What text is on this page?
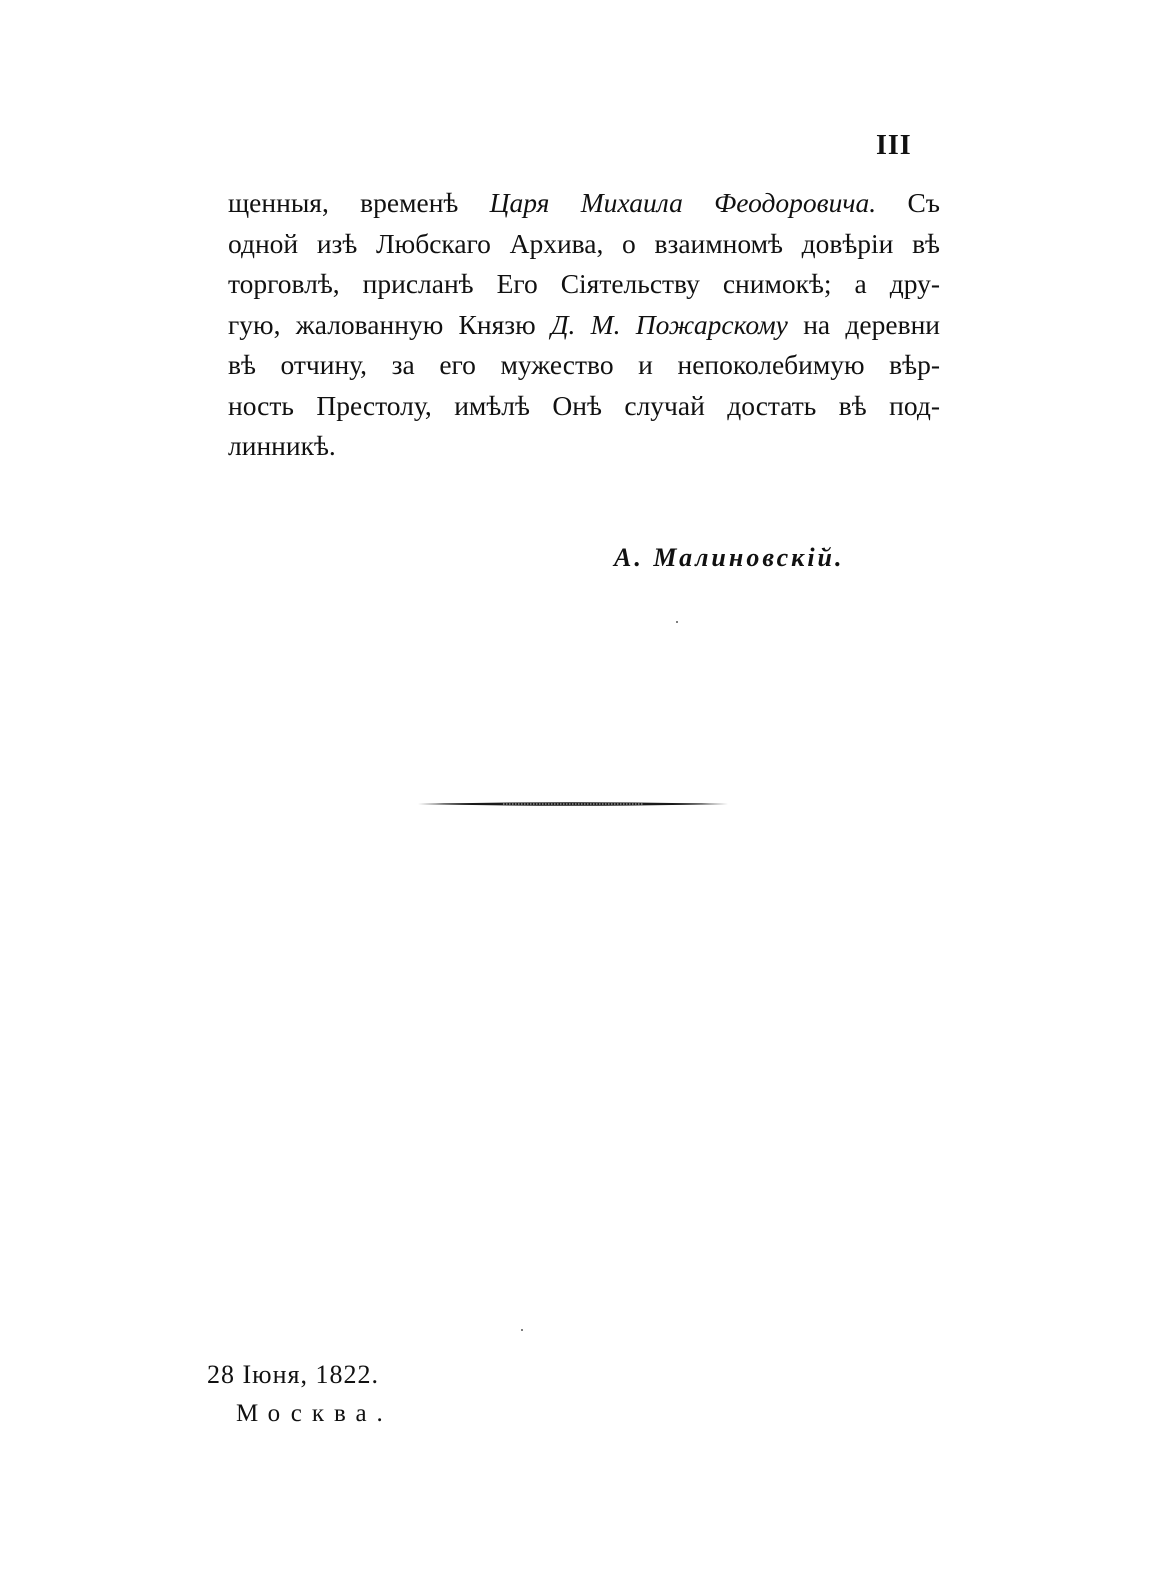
III
щенныя, временѣ Царя Михаила Феодоровича. Съ
одной изѣ Любскаго Архива, о взаимномѣ довѣріи вѣ
торговлѣ, присланѣ Его Сіятельству снимокѣ; а дру-
гую, жалованную Князю Д. М. Пожарскому на деревни
вѣ отчину, за его мужество и непоколебимую вѣр-
ность Престолу, имѣлѣ Онѣ случай достать вѣ под-
линникѣ.
А. Малиновскій.
28 Іюня, 1822.
Москва.
